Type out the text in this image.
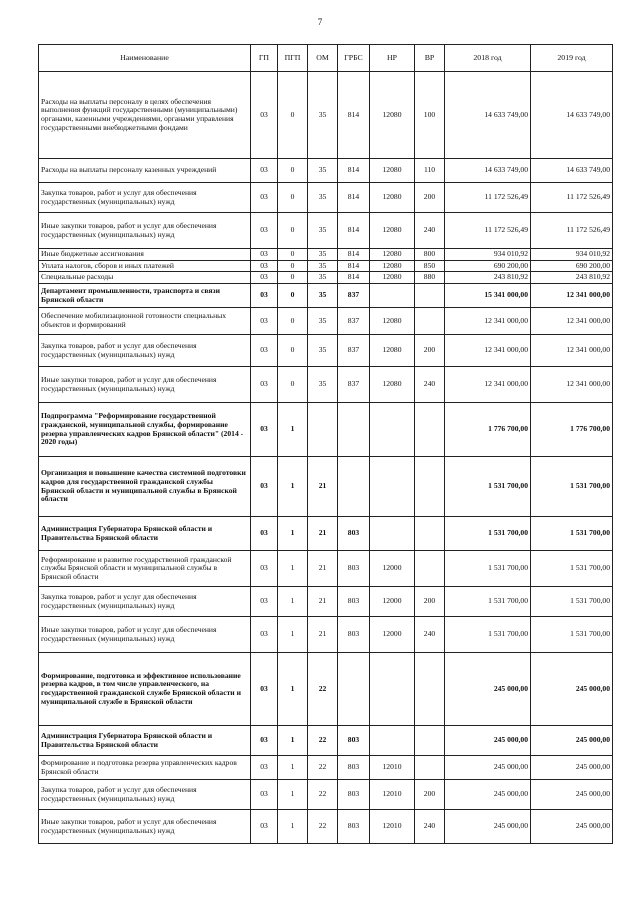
7
Наименование	ГП	ПГП	ОМ	ГРБС	НР	ВР	2018 год	2019 год
Расходы на выплаты персоналу в целях обеспечения выполнения функций государственными (муниципальными) органами, казенными учреждениями, органами управления государственными внебюджетными фондами	03	0	35	814	12080	100	14 633 749,00	14 633 749,00
Расходы на выплаты персоналу казенных учреждений	03	0	35	814	12080	110	14 633 749,00	14 633 749,00
Закупка товаров, работ и услуг для обеспечения государственных (муниципальных) нужд	03	0	35	814	12080	200	11 172 526,49	11 172 526,49
Иные закупки товаров, работ и услуг для обеспечения государственных (муниципальных) нужд	03	0	35	814	12080	240	11 172 526,49	11 172 526,49
Иные бюджетные ассигнования	03	0	35	814	12080	800	934 010,92	934 010,92
Уплата налогов, сборов и иных платежей	03	0	35	814	12080	850	690 200,00	690 200,00
Специальные расходы	03	0	35	814	12080	880	243 810,92	243 810,92
Департамент промышленности, транспорта и связи Брянской области	03	0	35	837			15 341 000,00	12 341 000,00
Обеспечение мобилизационной готовности специальных объектов и формирований	03	0	35	837	12080		12 341 000,00	12 341 000,00
Закупка товаров, работ и услуг для обеспечения государственных (муниципальных) нужд	03	0	35	837	12080	200	12 341 000,00	12 341 000,00
Иные закупки товаров, работ и услуг для обеспечения государственных (муниципальных) нужд	03	0	35	837	12080	240	12 341 000,00	12 341 000,00
Подпрограмма "Реформирование государственной гражданской, муниципальной службы, формирование резерва управленческих кадров Брянской области" (2014 - 2020 годы)	03	1					1 776 700,00	1 776 700,00
Организация и повышение качества системной подготовки кадров для государственной гражданской службы Брянской области и муниципальной службы в Брянской области	03	1	21				1 531 700,00	1 531 700,00
Администрация Губернатора Брянской области и Правительства Брянской области	03	1	21	803			1 531 700,00	1 531 700,00
Реформирование и развитие государственной гражданской службы Брянской области и муниципальной службы в Брянской области	03	1	21	803	12000		1 531 700,00	1 531 700,00
Закупка товаров, работ и услуг для обеспечения государственных (муниципальных) нужд	03	1	21	803	12000	200	1 531 700,00	1 531 700,00
Иные закупки товаров, работ и услуг для обеспечения государственных (муниципальных) нужд	03	1	21	803	12000	240	1 531 700,00	1 531 700,00
Формирование, подготовка и эффективное использование резерва кадров, в том числе управленческого, на государственной гражданской службе Брянской области и муниципальной службе в Брянской области	03	1	22				245 000,00	245 000,00
Администрация Губернатора Брянской области и Правительства Брянской области	03	1	22	803			245 000,00	245 000,00
Формирование и подготовка резерва управленческих кадров Брянской области	03	1	22	803	12010		245 000,00	245 000,00
Закупка товаров, работ и услуг для обеспечения государственных (муниципальных) нужд	03	1	22	803	12010	200	245 000,00	245 000,00
Иные закупки товаров, работ и услуг для обеспечения государственных (муниципальных) нужд	03	1	22	803	12010	240	245 000,00	245 000,00
